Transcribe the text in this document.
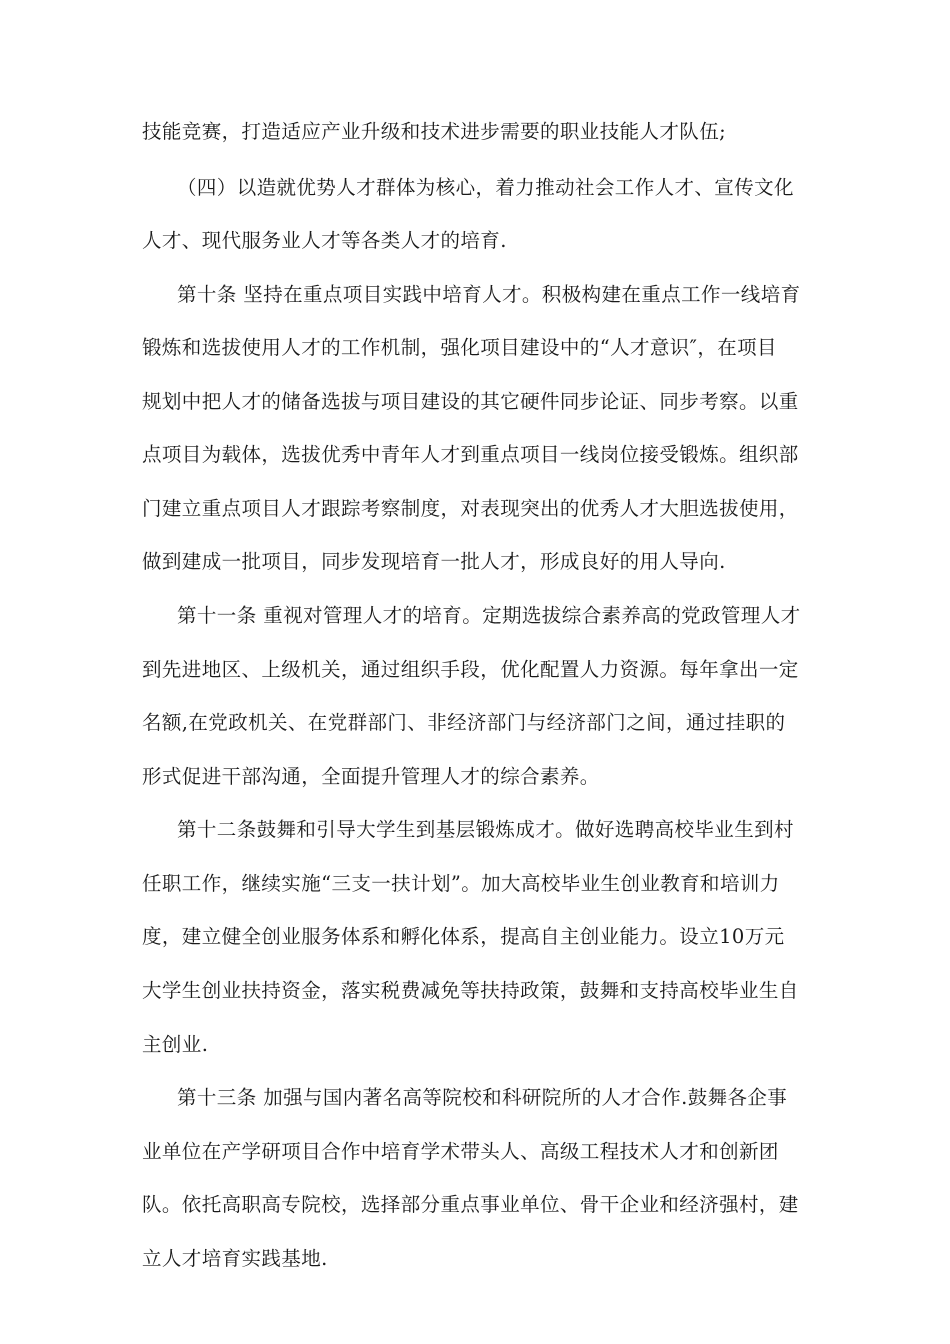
技能竞赛，打造适应产业升级和技术进步需要的职业技能人才队伍;
（四）以造就优势人才群体为核心，着力推动社会工作人才、宣传文化
人才、现代服务业人才等各类人才的培育.
第十条 坚持在重点项目实践中培育人才。积极构建在重点工作一线培育
锻炼和选拔使用人才的工作机制，强化项目建设中的“人才意识″，在项目
规划中把人才的储备选拔与项目建设的其它硬件同步论证、同步考察。以重
点项目为载体，选拔优秀中青年人才到重点项目一线岗位接受锻炼。组织部
门建立重点项目人才跟踪考察制度，对表现突出的优秀人才大胆选拔使用，
做到建成一批项目，同步发现培育一批人才，形成良好的用人导向.
第十一条 重视对管理人才的培育。定期选拔综合素养高的党政管理人才
到先进地区、上级机关，通过组织手段，优化配置人力资源。每年拿出一定
名额,在党政机关、在党群部门、非经济部门与经济部门之间，通过挂职的
形式促进干部沟通，全面提升管理人才的综合素养。
第十二条鼓舞和引导大学生到基层锻炼成才。做好选聘高校毕业生到村
任职工作，继续实施“三支一扶计划”。加大高校毕业生创业教育和培训力
度，建立健全创业服务体系和孵化体系，提高自主创业能力。设立10万元
大学生创业扶持资金，落实税费减免等扶持政策，鼓舞和支持高校毕业生自
主创业.
第十三条 加强与国内著名高等院校和科研院所的人才合作.鼓舞各企事
业单位在产学研项目合作中培育学术带头人、高级工程技术人才和创新团
队。依托高职高专院校，选择部分重点事业单位、骨干企业和经济强村，建
立人才培育实践基地.
